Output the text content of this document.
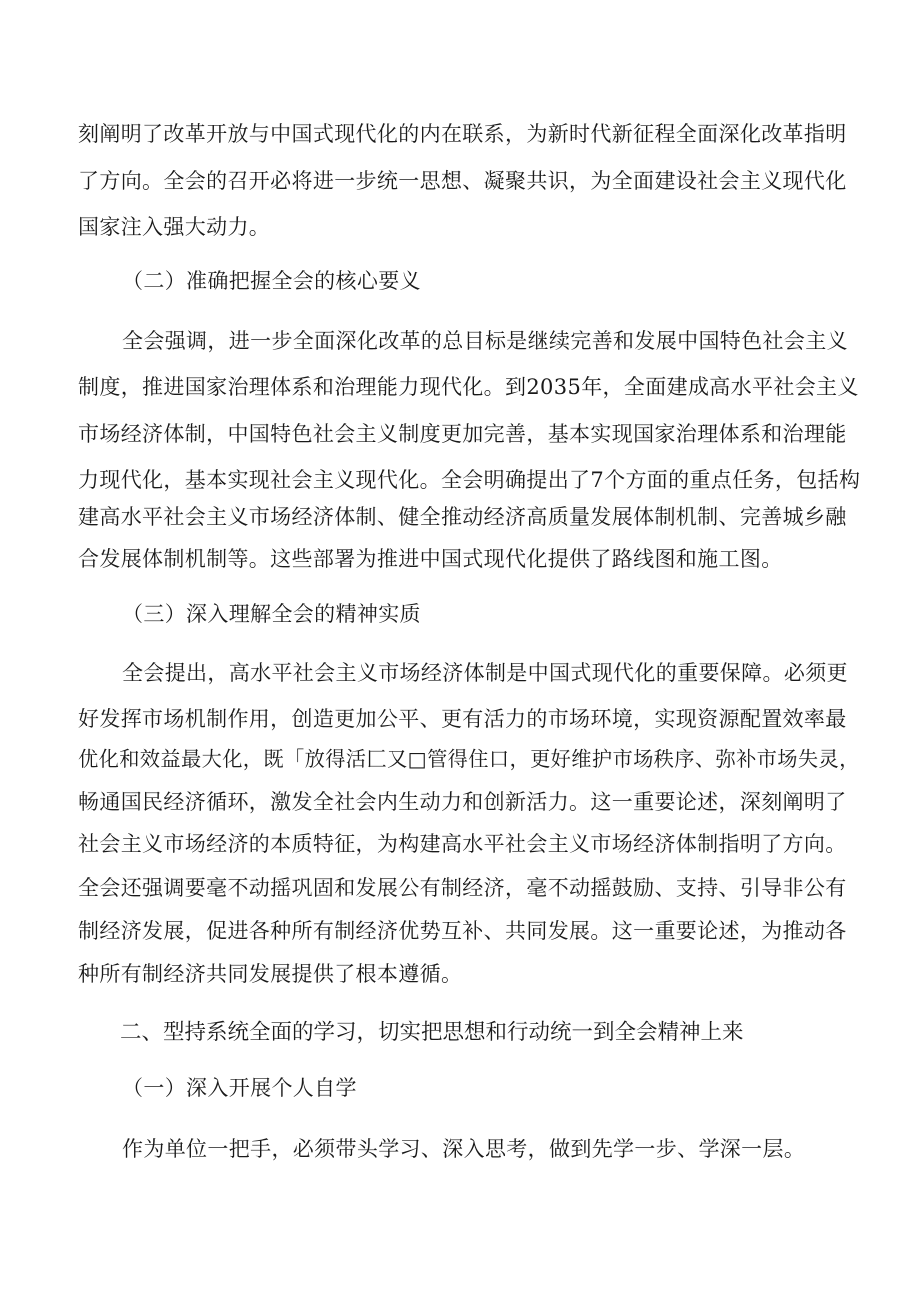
刻阐明了改革开放与中国式现代化的内在联系，为新时代新征程全面深化改革指明
了方向。全会的召开必将进一步统一思想、凝聚共识，为全面建设社会主义现代化
国家注入强大动力。
（二）准确把握全会的核心要义
全会强调，进一步全面深化改革的总目标是继续完善和发展中国特色社会主义
制度，推进国家治理体系和治理能力现代化。到2035年，全面建成高水平社会主义
市场经济体制，中国特色社会主义制度更加完善，基本实现国家治理体系和治理能
力现代化，基本实现社会主义现代化。全会明确提出了7个方面的重点任务，包括构
建高水平社会主义市场经济体制、健全推动经济高质量发展体制机制、完善城乡融
合发展体制机制等。这些部署为推进中国式现代化提供了路线图和施工图。
（三）深入理解全会的精神实质
全会提出，高水平社会主义市场经济体制是中国式现代化的重要保障。必须更
好发挥市场机制作用，创造更加公平、更有活力的市场环境，实现资源配置效率最
优化和效益最大化，既「放得活匚又□管得住口，更好维护市场秩序、弥补市场失灵，
畅通国民经济循环，激发全社会内生动力和创新活力。这一重要论述，深刻阐明了
社会主义市场经济的本质特征，为构建高水平社会主义市场经济体制指明了方向。
全会还强调要毫不动摇巩固和发展公有制经济，毫不动摇鼓励、支持、引导非公有
制经济发展，促进各种所有制经济优势互补、共同发展。这一重要论述，为推动各
种所有制经济共同发展提供了根本遵循。
二、型持系统全面的学习，切实把思想和行动统一到全会精神上来
（一）深入开展个人自学
作为单位一把手，必须带头学习、深入思考，做到先学一步、学深一层。
